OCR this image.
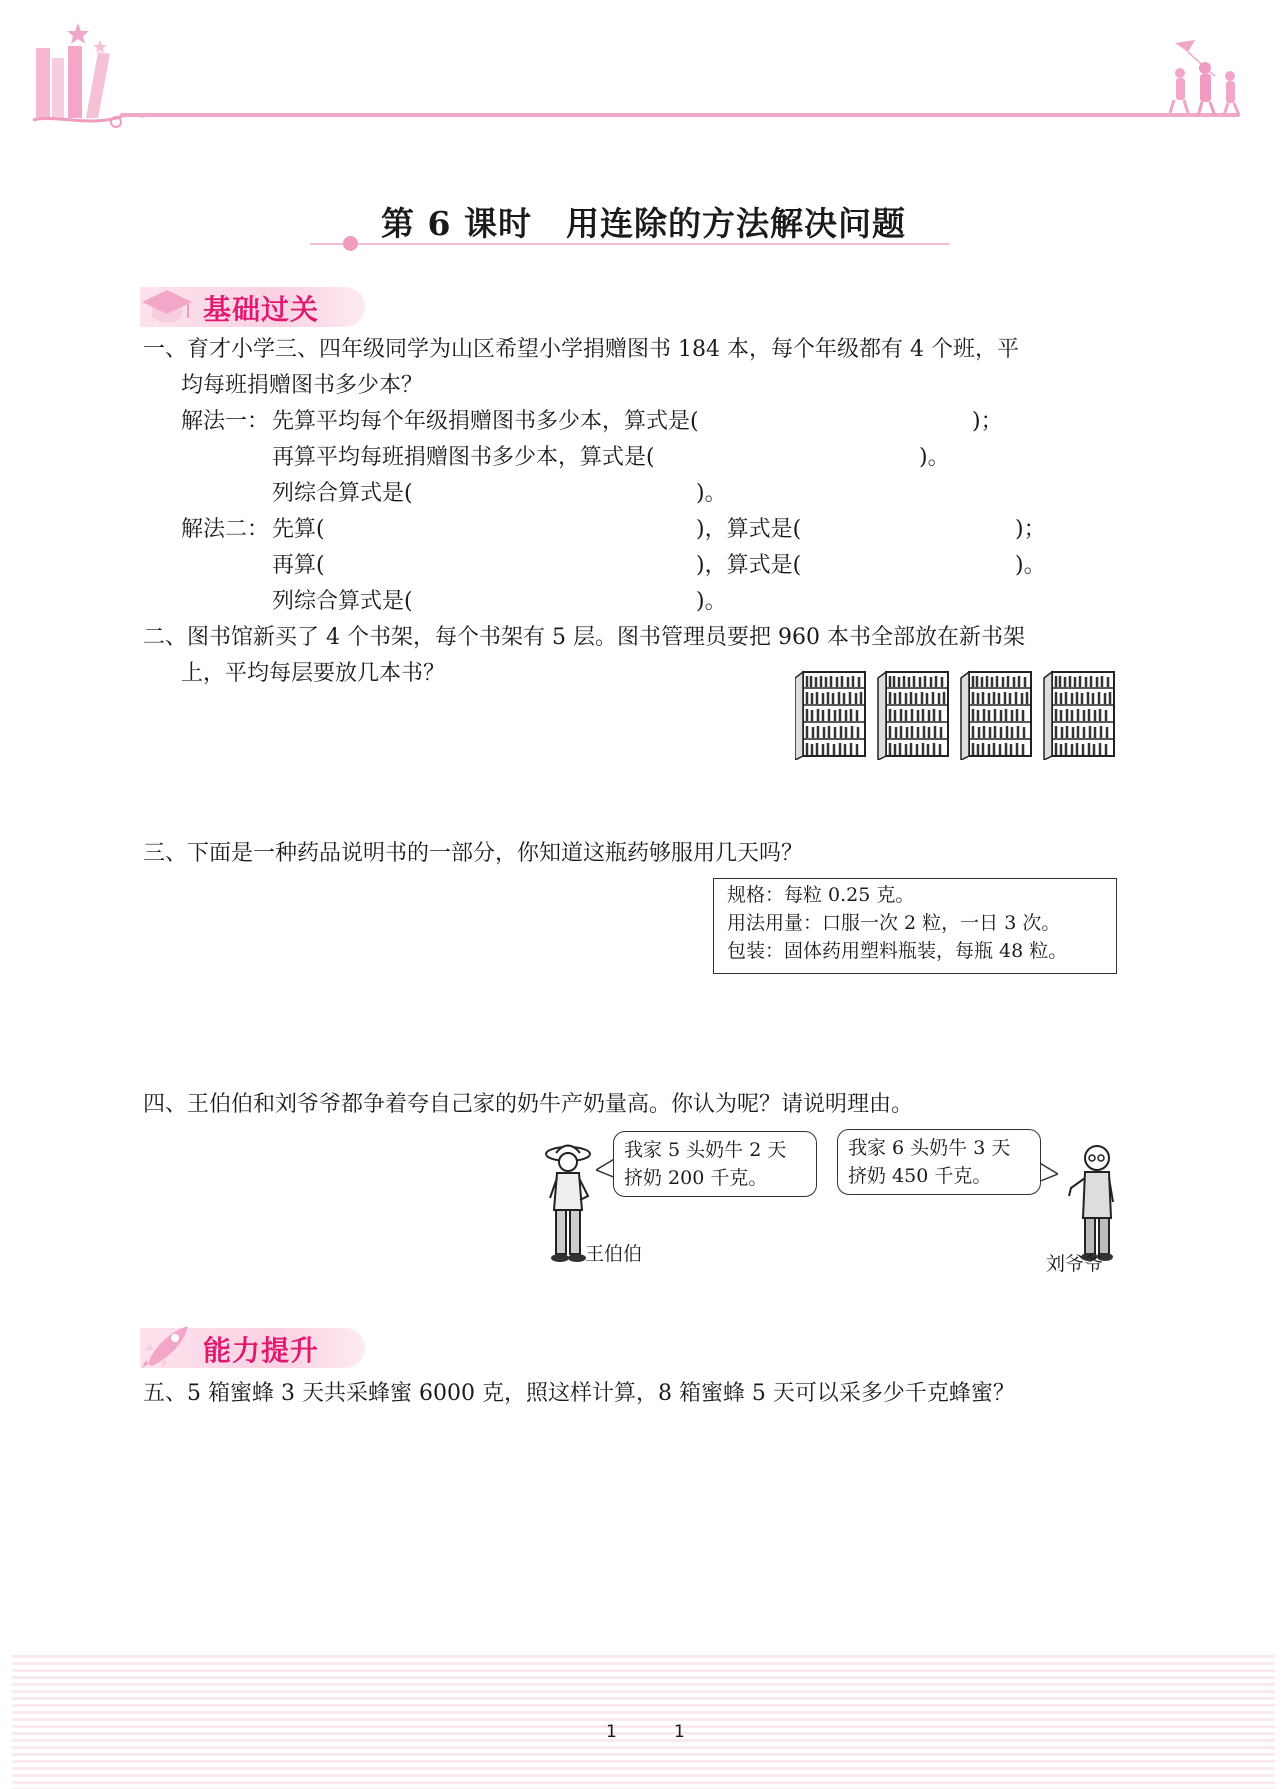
第 6 课时　用连除的方法解决问题
基础过关
一、育才小学三、四年级同学为山区希望小学捐赠图书 184 本，每个年级都有 4 个班，平
均每班捐赠图书多少本？
解法一： 先算平均每个年级捐赠图书多少本，算式是(	)；
再算平均每班捐赠图书多少本，算式是(	)。
列综合算式是(	)。
解法二： 先算(	)，算式是(	)；
再算(	)，算式是(	)。
列综合算式是(	)。
二、图书馆新买了 4 个书架，每个书架有 5 层。图书管理员要把 960 本书全部放在新书架
上，平均每层要放几本书？
三、下面是一种药品说明书的一部分，你知道这瓶药够服用几天吗？
规格：每粒 0.25 克。
用法用量：口服一次 2 粒，一日 3 次。
包装：固体药用塑料瓶装，每瓶 48 粒。
四、王伯伯和刘爷爷都争着夸自己家的奶牛产奶量高。你认为呢？请说明理由。
我家 5 头奶牛 2 天
挤奶 200 千克。
王伯伯
我家 6 头奶牛 3 天
挤奶 450 千克。
刘爷爷
能力提升
五、5 箱蜜蜂 3 天共采蜂蜜 6000 克，照这样计算，8 箱蜜蜂 5 天可以采多少千克蜂蜜？
1	1
